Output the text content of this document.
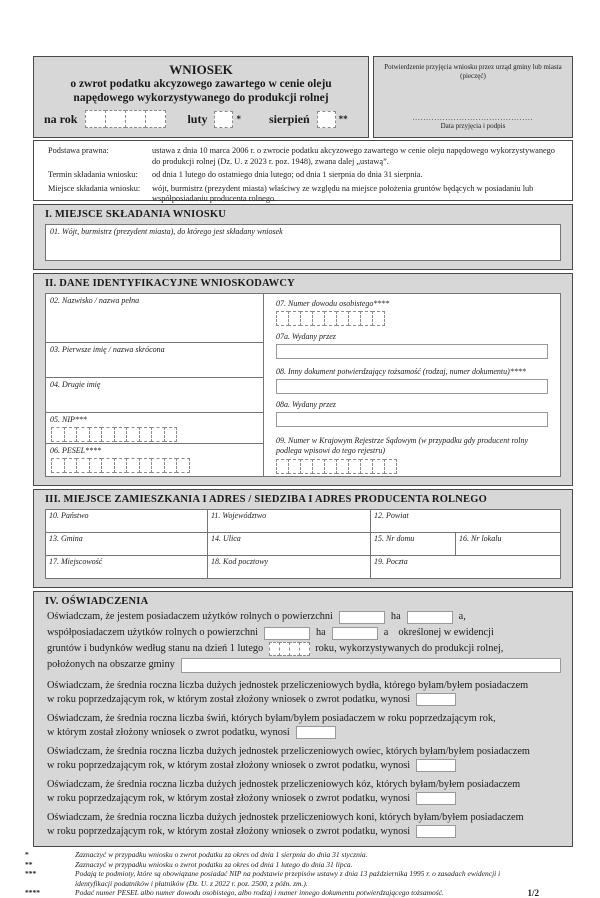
WNIOSEK
o zwrot podatku akcyzowego zawartego w cenie oleju
napędowego wykorzystywanego do produkcji rolnej
na rok	luty	* sierpień	**
Potwierdzenie przyjęcia wniosku przez urząd gminy lub miasta
(pieczęć)
............................................
Data przyjęcia i podpis
Podstawa prawna:	ustawa z dnia 10 marca 2006 r. o zwrocie podatku akcyzowego zawartego w cenie oleju napędowego wykorzystywanego do produkcji rolnej (Dz. U. z 2023 r. poz. 1948), zwana dalej „ustawą”.
Termin składania wniosku:	od dnia 1 lutego do ostatniego dnia lutego; od dnia 1 sierpnia do dnia 31 sierpnia.
Miejsce składania wniosku:	wójt, burmistrz (prezydent miasta) właściwy ze względu na miejsce położenia gruntów będących w posiadaniu lub współposiadaniu producenta rolnego.
I. MIEJSCE SKŁADANIA WNIOSKU
01. Wójt, burmistrz (prezydent miasta), do którego jest składany wniosek
II. DANE IDENTYFIKACYJNE WNIOSKODAWCY
02. Nazwisko / nazwa pełna
03. Pierwsze imię / nazwa skrócona
04. Drugie imię
05. NIP***
06. PESEL****
07. Numer dowodu osobistego****
07a. Wydany przez
08. Inny dokument potwierdzający tożsamość (rodzaj, numer dokumentu)****
08a. Wydany przez
09. Numer w Krajowym Rejestrze Sądowym (w przypadku gdy producent rolny podlega wpisowi do tego rejestru)
III. MIEJSCE ZAMIESZKANIA I ADRES / SIEDZIBA I ADRES PRODUCENTA ROLNEGO
10. Państwo	11. Województwo	12. Powiat
13. Gmina	14. Ulica	15. Nr domu	16. Nr lokalu
17. Miejscowość	18. Kod pocztowy	19. Poczta
IV. OŚWIADCZENIA
Oświadczam, że jestem posiadaczem użytków rolnych o powierzchni	ha	a,
współposiadaczem użytków rolnych o powierzchni	ha	a określonej w ewidencji
gruntów i budynków według stanu na dzień 1 lutego	roku, wykorzystywanych do produkcji rolnej,
położonych na obszarze gminy
Oświadczam, że średnia roczna liczba dużych jednostek przeliczeniowych bydła, którego byłam/byłem posiadaczem
w roku poprzedzającym rok, w którym został złożony wniosek o zwrot podatku, wynosi
Oświadczam, że średnia roczna liczba świń, których byłam/byłem posiadaczem w roku poprzedzającym rok,
w którym został złożony wniosek o zwrot podatku, wynosi
Oświadczam, że średnia roczna liczba dużych jednostek przeliczeniowych owiec, których byłam/byłem posiadaczem
w roku poprzedzającym rok, w którym został złożony wniosek o zwrot podatku, wynosi
Oświadczam, że średnia roczna liczba dużych jednostek przeliczeniowych kóz, których byłam/byłem posiadaczem
w roku poprzedzającym rok, w którym został złożony wniosek o zwrot podatku, wynosi
Oświadczam, że średnia roczna liczba dużych jednostek przeliczeniowych koni, których byłam/byłem posiadaczem
w roku poprzedzającym rok, w którym został złożony wniosek o zwrot podatku, wynosi
*	Zaznaczyć w przypadku wniosku o zwrot podatku za okres od dnia 1 sierpnia do dnia 31 stycznia.
**	Zaznaczyć w przypadku wniosku o zwrot podatku za okres od dnia 1 lutego do dnia 31 lipca.
***	Podają te podmioty, które są obowiązane posiadać NIP na podstawie przepisów ustawy z dnia 13 października 1995 r. o zasadach ewidencji i identyfikacji podatników i płatników (Dz. U. z 2022 r. poz. 2500, z późn. zm.).
****	Podać numer PESEL albo numer dowodu osobistego, albo rodzaj i numer innego dokumentu potwierdzającego tożsamość.	1/2
